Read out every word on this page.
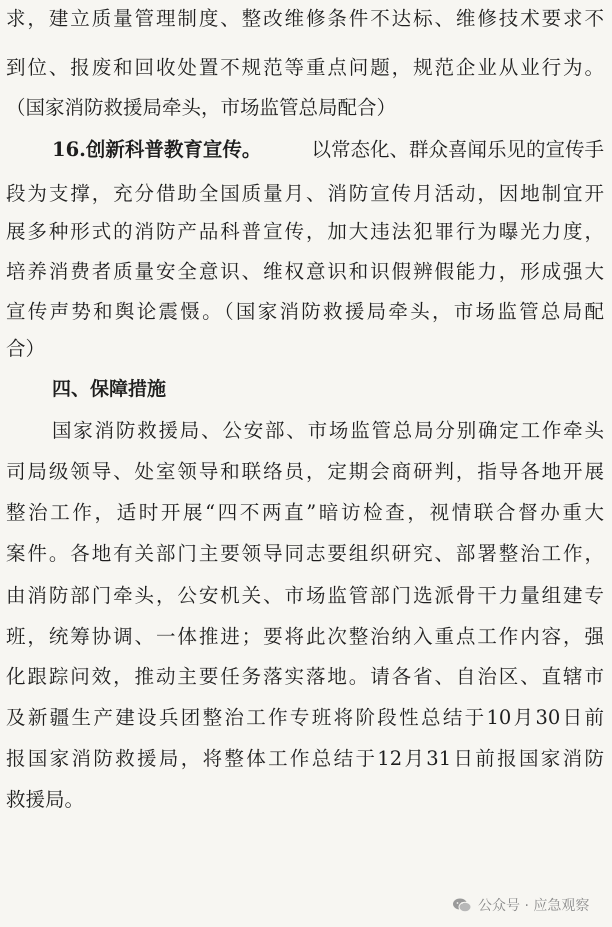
求，建立质量管理制度、整改维修条件不达标、维修技术要求不
到位、报废和回收处置不规范等重点问题，规范企业从业行为。
（国家消防救援局牵头，市场监管总局配合）
16.创新科普教育宣传。	以常态化、群众喜闻乐见的宣传手
段为支撑，充分借助全国质量月、消防宣传月活动，因地制宜开
展多种形式的消防产品科普宣传，加大违法犯罪行为曝光力度，
培养消费者质量安全意识、维权意识和识假辨假能力，形成强大
宣传声势和舆论震慑。（国家消防救援局牵头，市场监管总局配
合）
四、保障措施
国家消防救援局、公安部、市场监管总局分别确定工作牵头
司局级领导、处室领导和联络员，定期会商研判，指导各地开展
整治工作，适时开展“四不两直”暗访检查，视情联合督办重大
案件。各地有关部门主要领导同志要组织研究、部署整治工作，
由消防部门牵头，公安机关、市场监管部门选派骨干力量组建专
班，统筹协调、一体推进；要将此次整治纳入重点工作内容，强
化跟踪问效，推动主要任务落实落地。请各省、自治区、直辖市
及新疆生产建设兵团整治工作专班将阶段性总结于10月30日前
报国家消防救援局，将整体工作总结于12月31日前报国家消防
救援局。
公众号 · 应急观察
